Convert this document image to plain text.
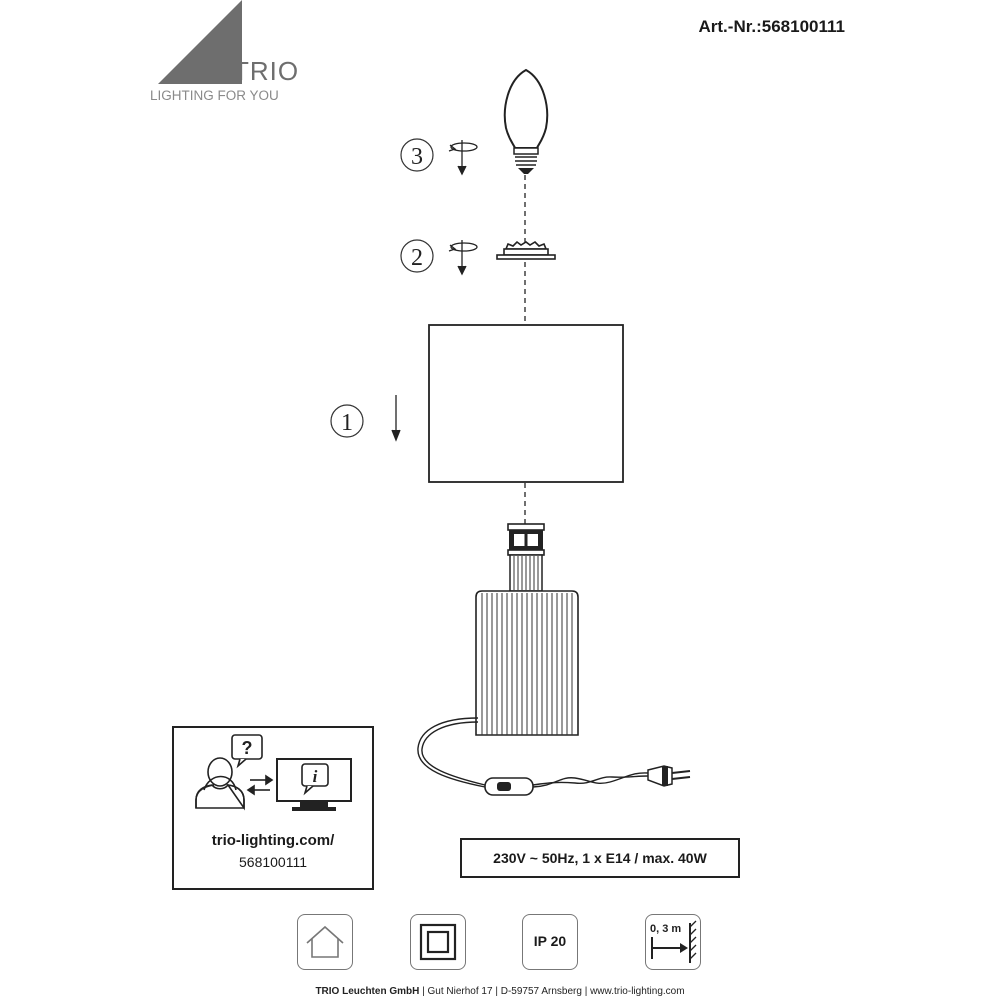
TRIO
LIGHTING FOR YOU
Art.-Nr.:568100111
3
2
1
?
i
trio-lighting.com/
568100111	230V ~ 50Hz, 1 x E14 / max. 40W
IP 20
0, 3 m
TRIO Leuchten GmbH | Gut Nierhof 17 | D-59757 Arnsberg | www.trio-lighting.com
